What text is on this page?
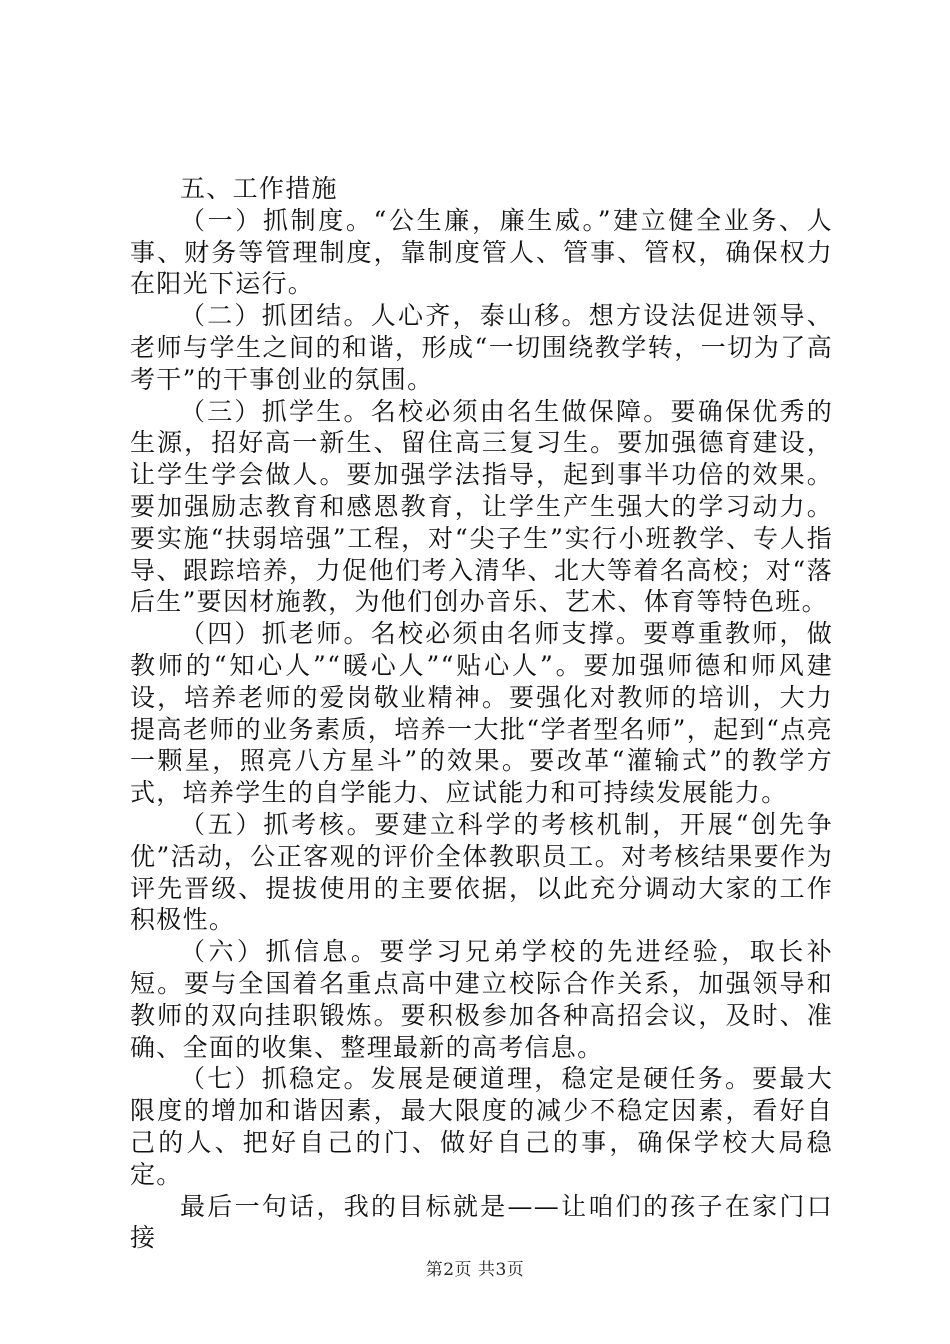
五、工作措施

（一）抓制度。“公生廉，廉生威。”建立健全业务、人事、财务等管理制度，靠制度管人、管事、管权，确保权力在阳光下运行。

（二）抓团结。人心齐，泰山移。想方设法促进领导、老师与学生之间的和谐，形成“一切围绕教学转，一切为了高考干”的干事创业的氛围。

（三）抓学生。名校必须由名生做保障。要确保优秀的生源，招好高一新生、留住高三复习生。要加强德育建设，让学生学会做人。要加强学法指导，起到事半功倍的效果。要加强励志教育和感恩教育，让学生产生强大的学习动力。要实施“扶弱培强”工程，对“尖子生”实行小班教学、专人指导、跟踪培养，力促他们考入清华、北大等着名高校；对“落后生”要因材施教，为他们创办音乐、艺术、体育等特色班。

（四）抓老师。名校必须由名师支撑。要尊重教师，做教师的“知心人”“暖心人”“贴心人”。要加强师德和师风建设，培养老师的爱岗敬业精神。要强化对教师的培训，大力提高老师的业务素质，培养一大批“学者型名师”，起到“点亮一颗星，照亮八方星斗”的效果。要改革“灌输式”的教学方式，培养学生的自学能力、应试能力和可持续发展能力。

（五）抓考核。要建立科学的考核机制，开展“创先争优”活动，公正客观的评价全体教职员工。对考核结果要作为评先晋级、提拔使用的主要依据，以此充分调动大家的工作积极性。

（六）抓信息。要学习兄弟学校的先进经验，取长补短。要与全国着名重点高中建立校际合作关系，加强领导和教师的双向挂职锻炼。要积极参加各种高招会议，及时、准确、全面的收集、整理最新的高考信息。

（七）抓稳定。发展是硬道理，稳定是硬任务。要最大限度的增加和谐因素，最大限度的减少不稳定因素，看好自己的人、把好自己的门、做好自己的事，确保学校大局稳定。

最后一句话，我的目标就是——让咱们的孩子在家门口接

第2页 共3页
